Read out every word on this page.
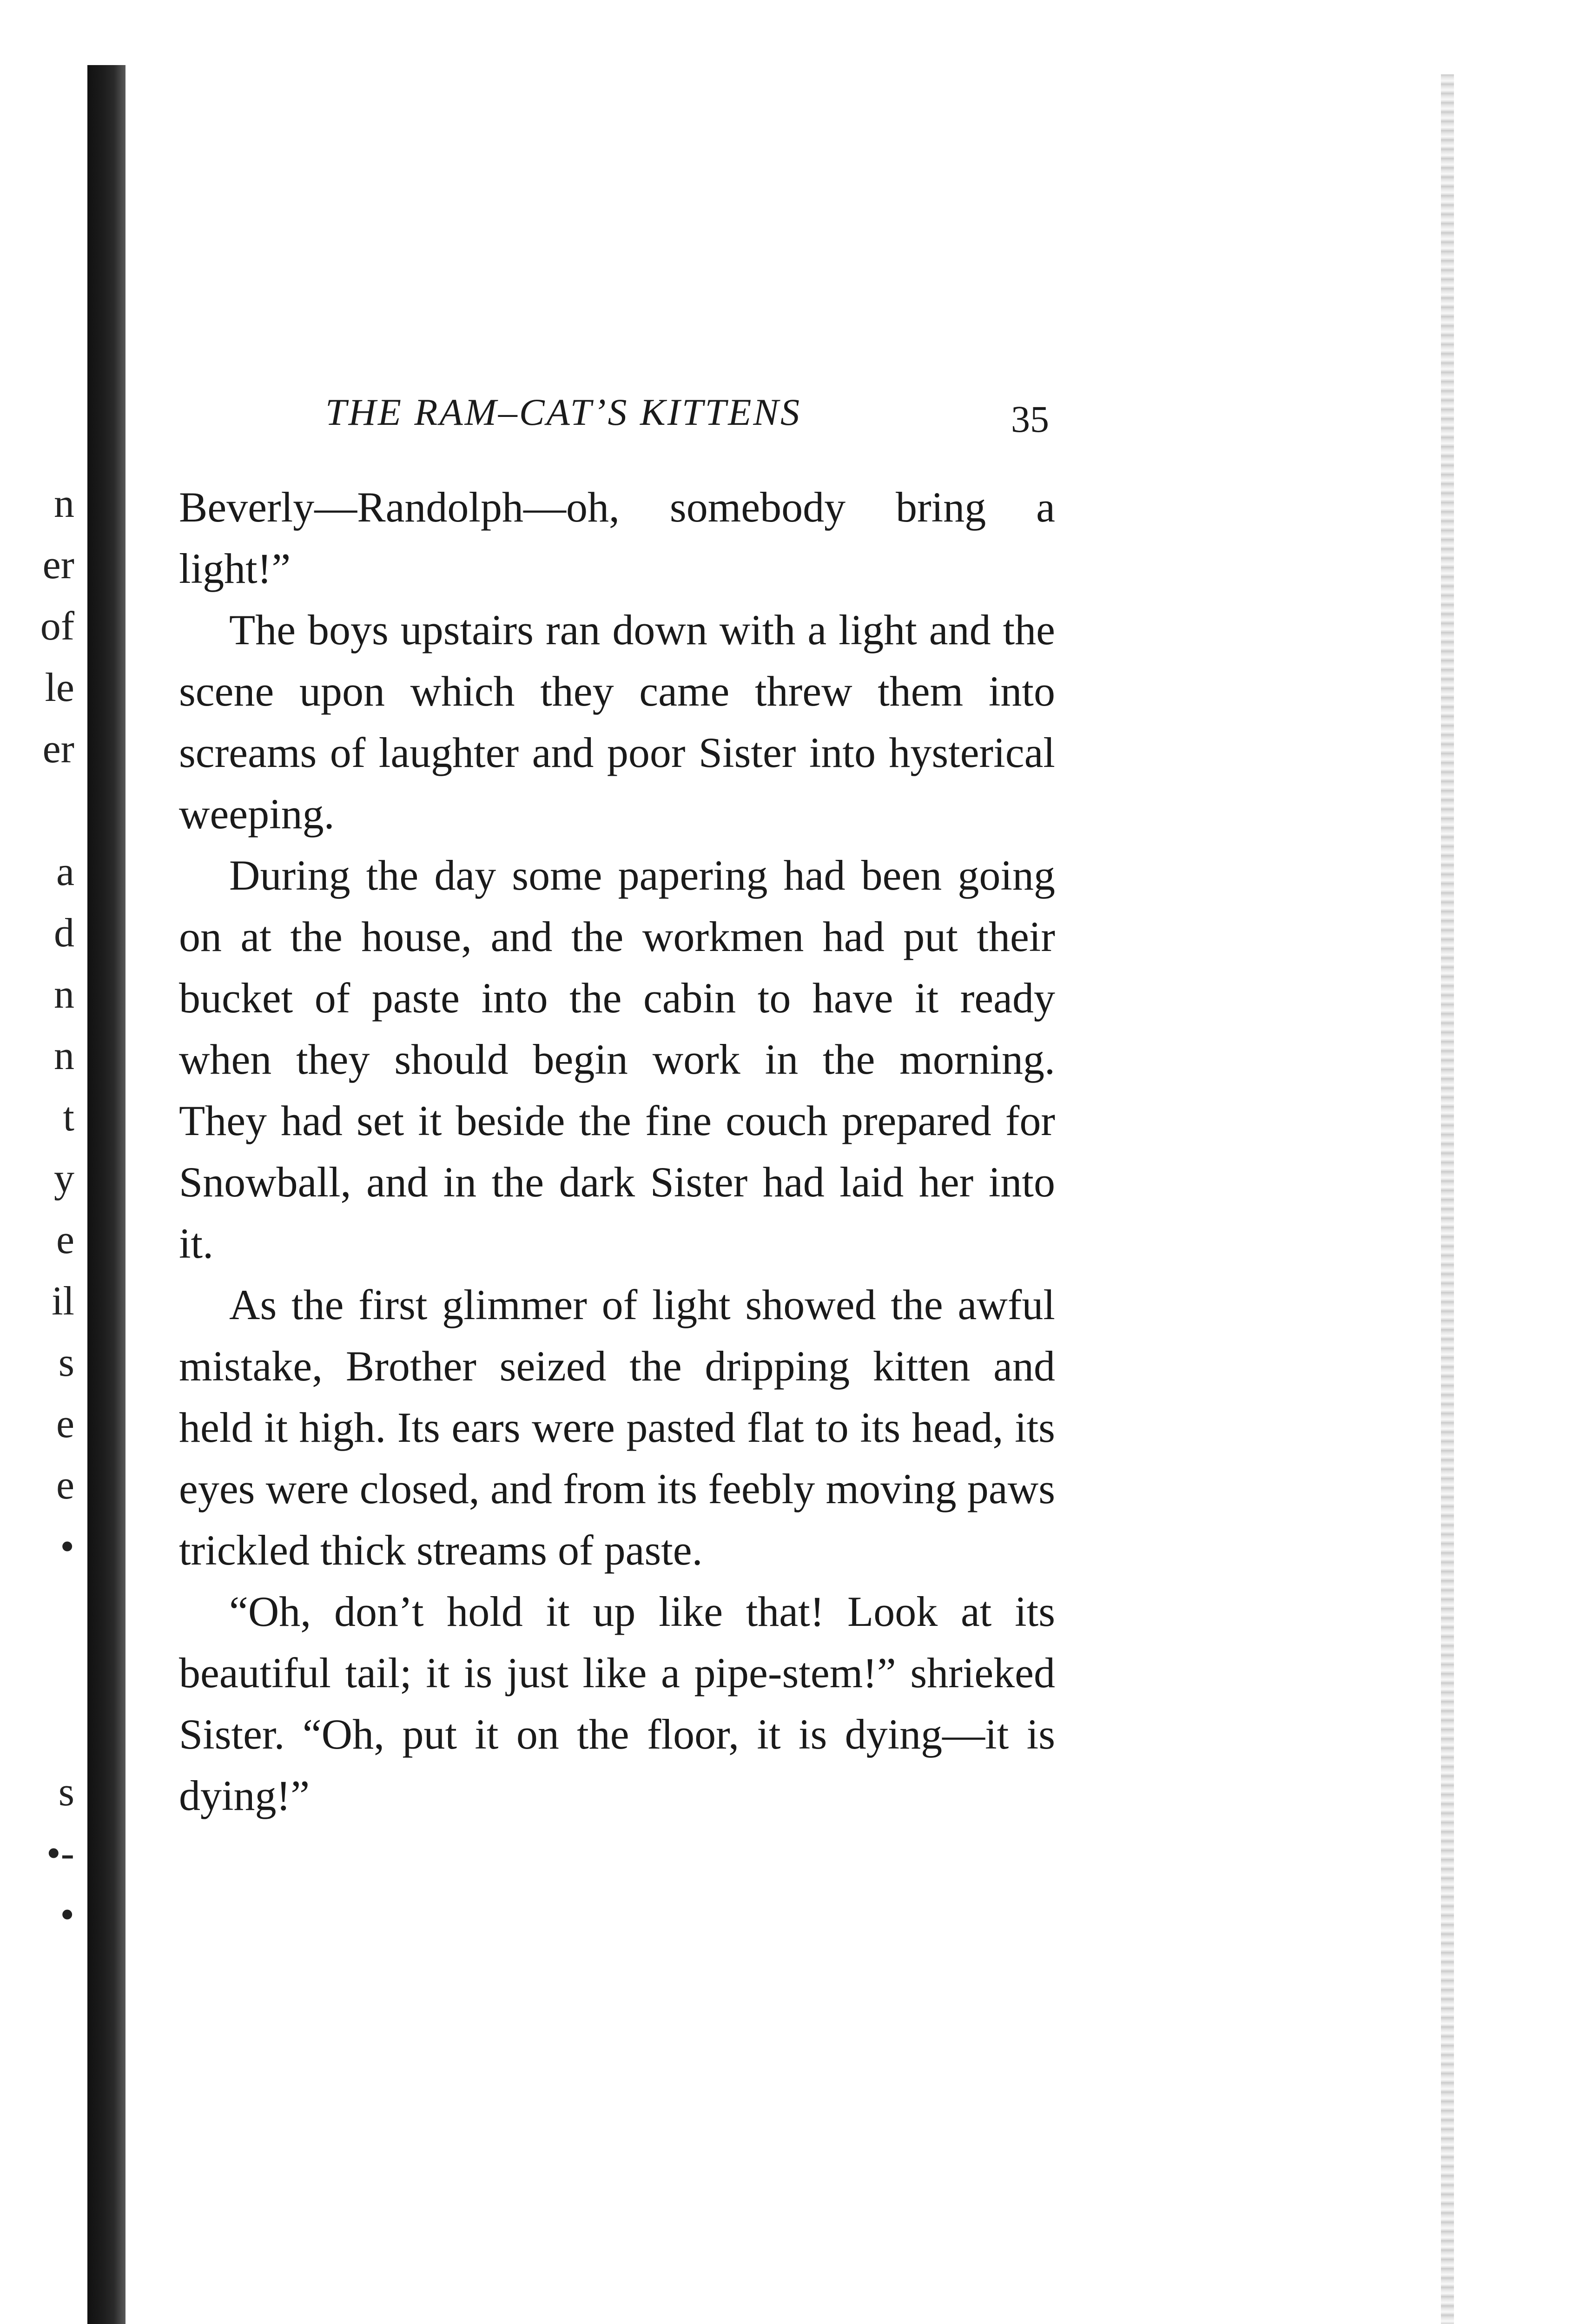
n
er
of
le
er
a
d
n
n
t
y
e
il
s
e
e
•
s
•-
•
THE RAM–CAT’S KITTENS	35

Beverly—Randolph—oh, somebody bring a light!”

The boys upstairs ran down with a light and the scene upon which they came threw them into screams of laughter and poor Sister into hysterical weeping.

During the day some papering had been going on at the house, and the workmen had put their bucket of paste into the cabin to have it ready when they should begin work in the morning. They had set it beside the fine couch prepared for Snowball, and in the dark Sister had laid her into it.

As the first glimmer of light showed the awful mistake, Brother seized the dripping kitten and held it high. Its ears were pasted flat to its head, its eyes were closed, and from its feebly moving paws trickled thick streams of paste.

“Oh, don’t hold it up like that! Look at its beautiful tail; it is just like a pipe-stem!” shrieked Sister. “Oh, put it on the floor, it is dying—it is dying!”
